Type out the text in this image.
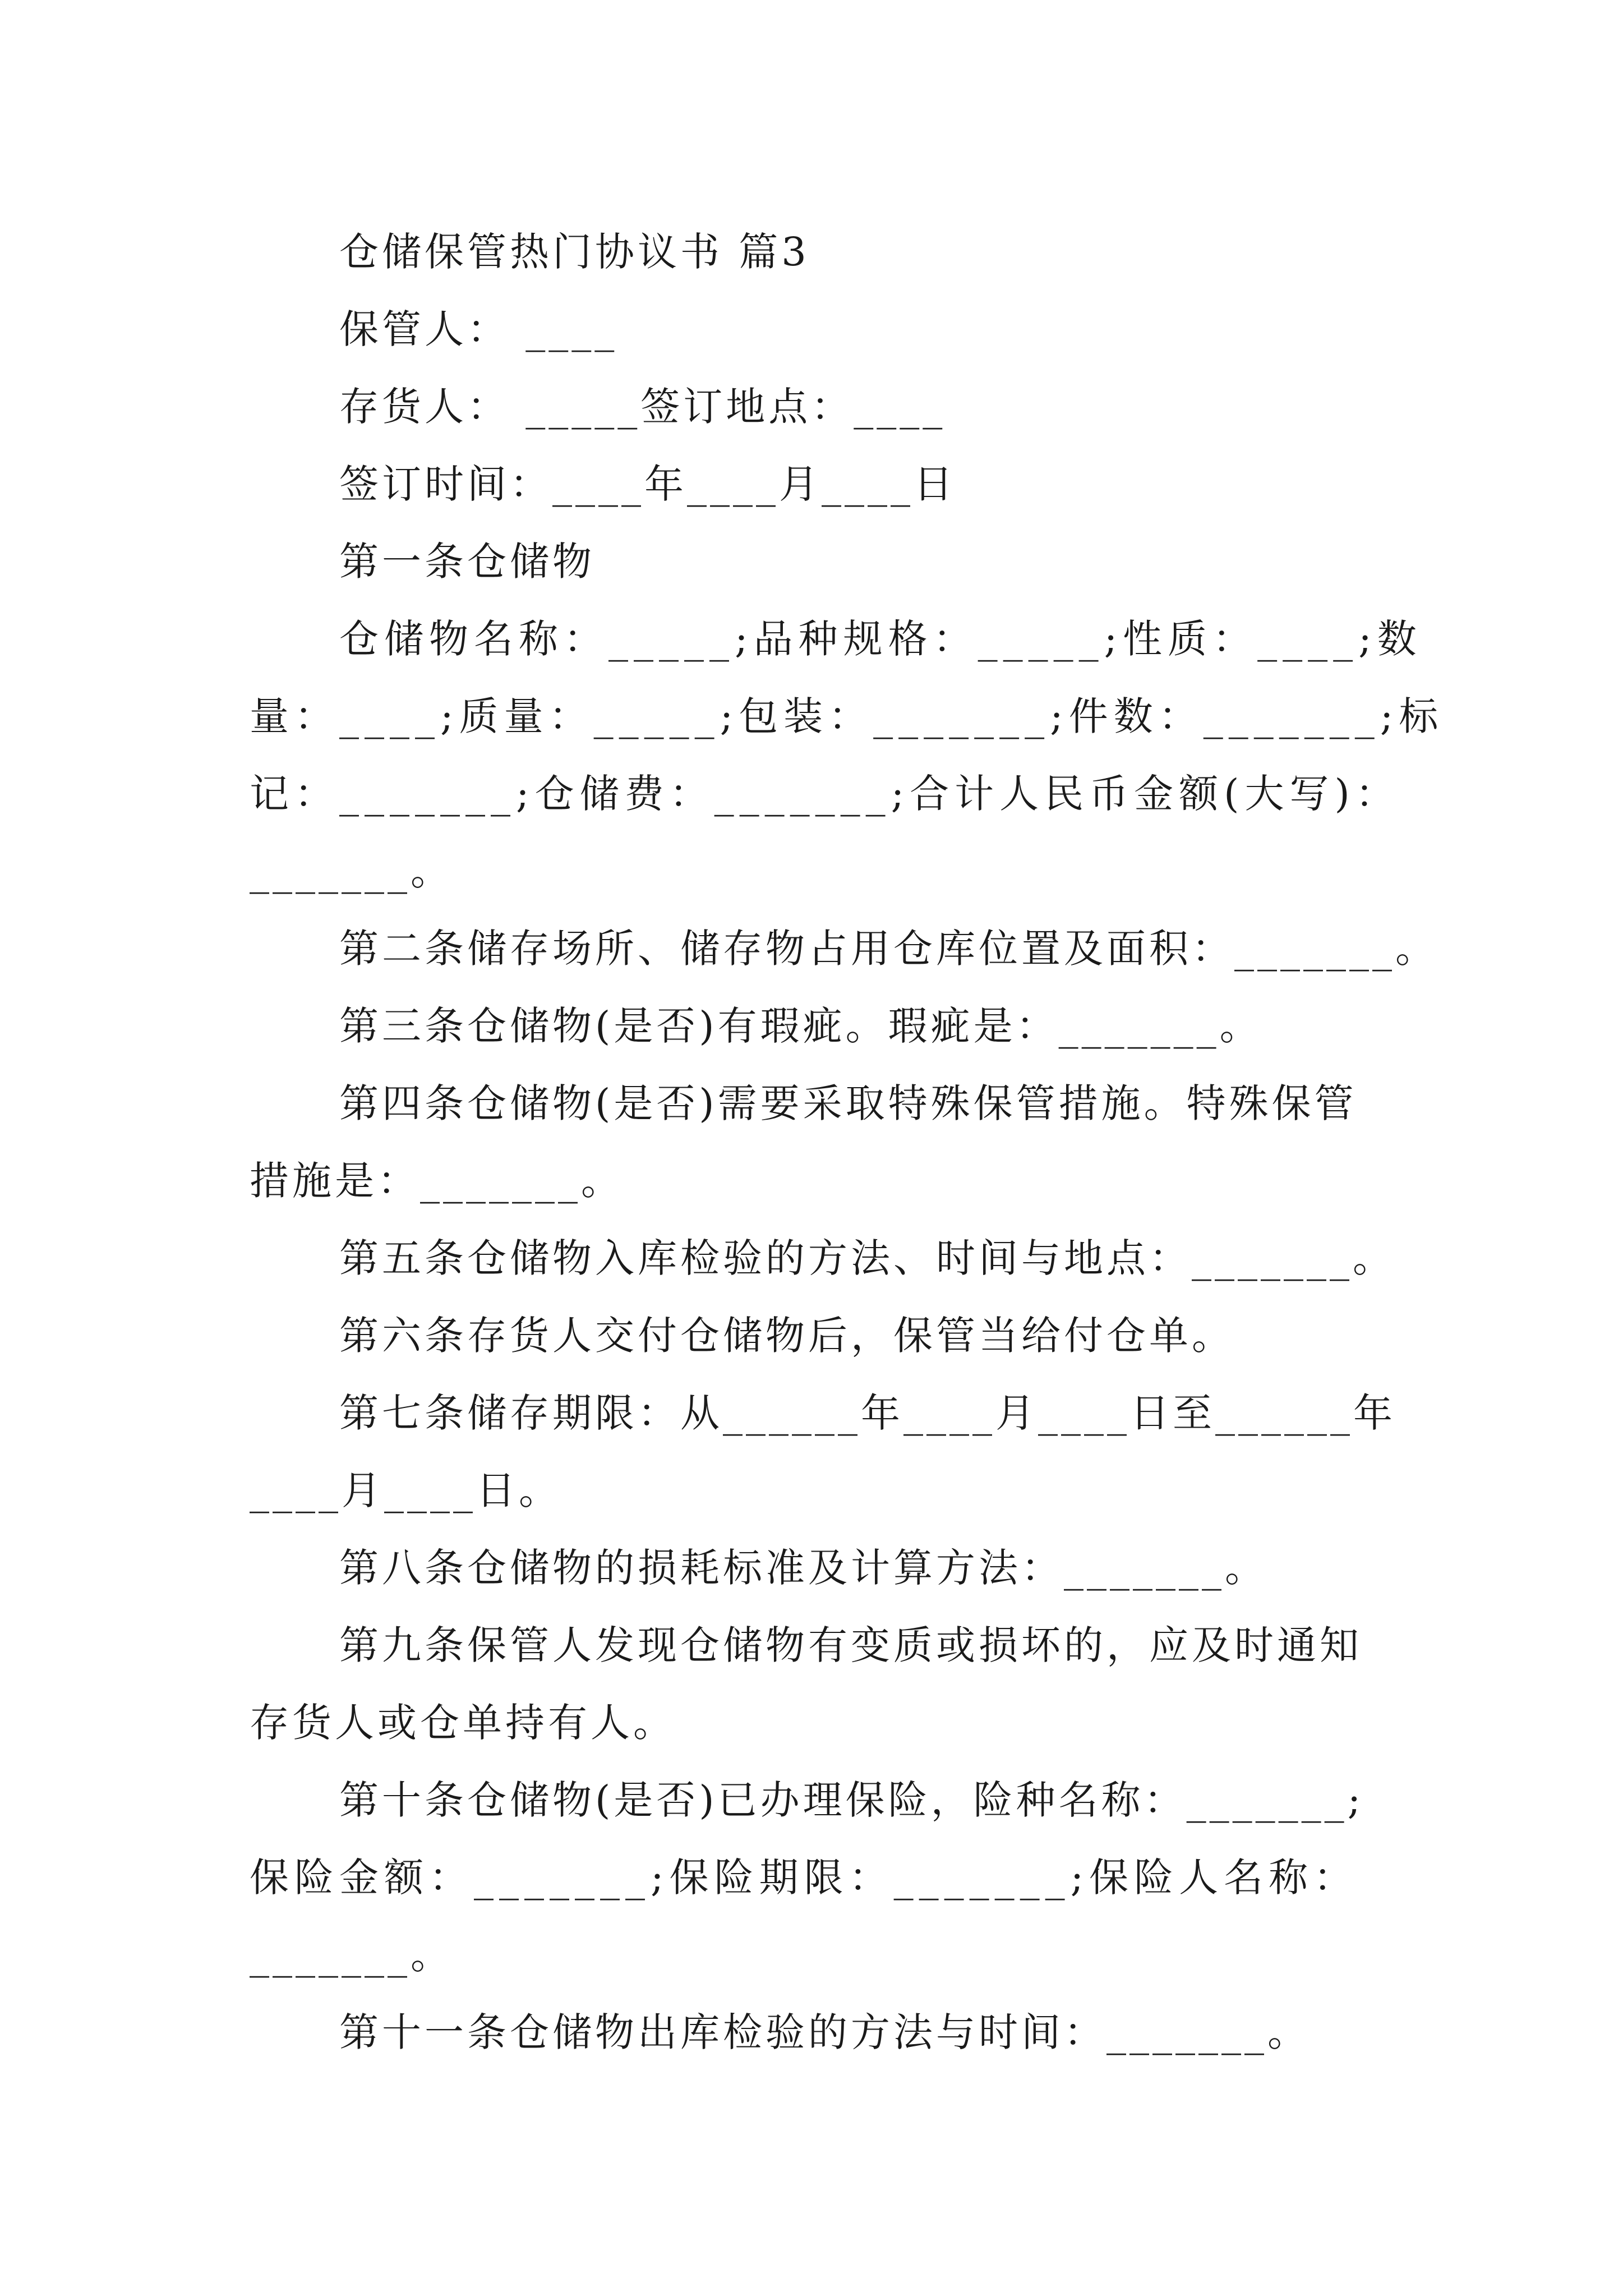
仓储保管热门协议书 篇3
保管人： ____
存货人： _____签订地点：____
签订时间：____年____月____日
第一条仓储物
仓储物名称：_____;品种规格：_____;性质：____;数
量：____;质量：_____;包装：_______;件数：_______;标
记：_______;仓储费：_______;合计人民币金额(大写)：
_______。
第二条储存场所、储存物占用仓库位置及面积：_______。
第三条仓储物(是否)有瑕疵。瑕疵是：_______。
第四条仓储物(是否)需要采取特殊保管措施。特殊保管
措施是：_______。
第五条仓储物入库检验的方法、时间与地点：_______。
第六条存货人交付仓储物后，保管当给付仓单。
第七条储存期限：从______年____月____日至______年
____月____日。
第八条仓储物的损耗标准及计算方法：_______。
第九条保管人发现仓储物有变质或损坏的，应及时通知
存货人或仓单持有人。
第十条仓储物(是否)已办理保险，险种名称：_______;
保险金额：_______;保险期限：_______;保险人名称：
_______。
第十一条仓储物出库检验的方法与时间：_______。
